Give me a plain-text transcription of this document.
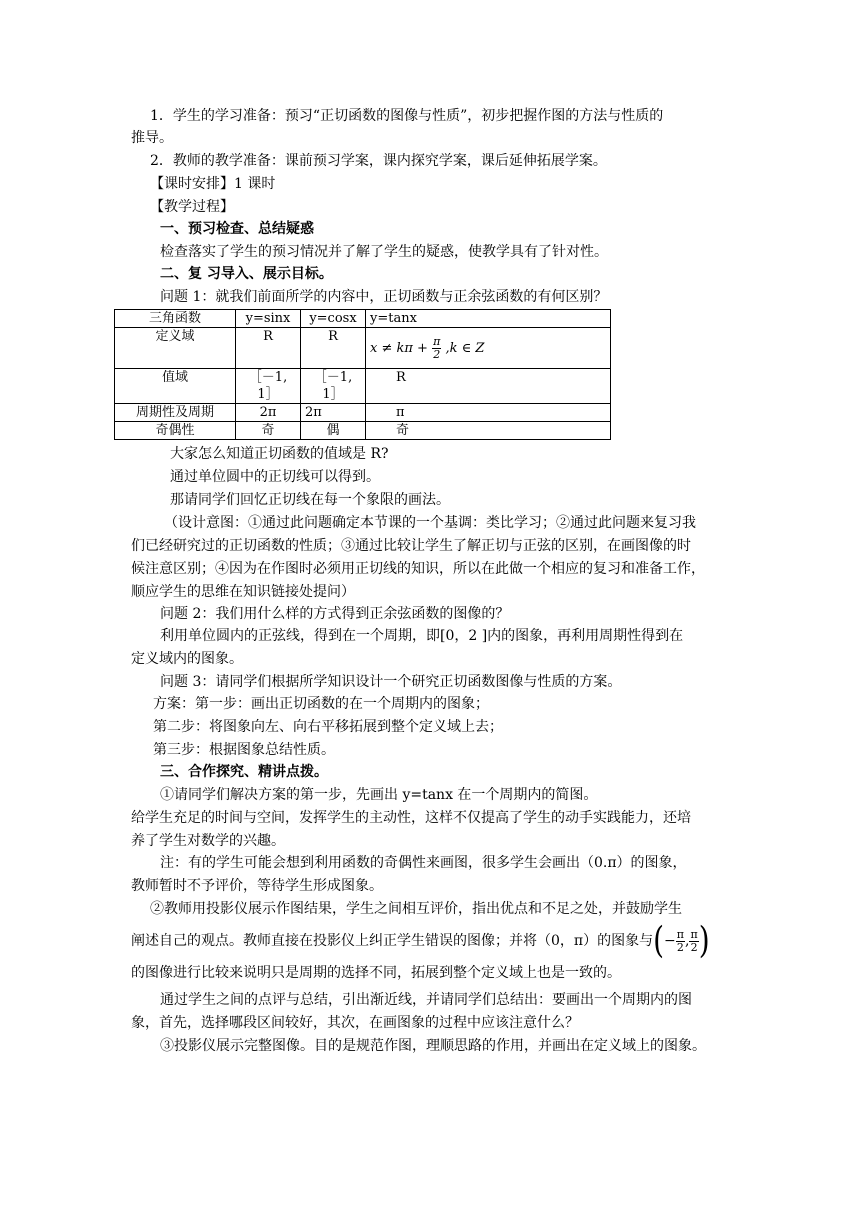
1．学生的学习准备：预习“正切函数的图像与性质”，初步把握作图的方法与性质的
推导。
2．教师的教学准备：课前预习学案，课内探究学案，课后延伸拓展学案。
【课时安排】1 课时
【教学过程】
一、预习检查、总结疑惑
检查落实了学生的预习情况并了解了学生的疑惑，使教学具有了针对性。
二、复 习导入、展示目标。
问题 1：就我们前面所学的内容中，正切函数与正余弦函数的有何区别？
三角函数	y=sinx	y=cosx	y=tanx
定义域	R	R	$x \ne k\pi + \frac{\pi}{2} ,k$ ∈ Z
值域	［－1, 1］	［－1, 1］	R
周期性及周期	2π	2π	π
奇偶性	奇	偶	奇
大家怎么知道正切函数的值域是 R?
通过单位圆中的正切线可以得到。
那请同学们回忆正切线在每一个象限的画法。
（设计意图：①通过此问题确定本节课的一个基调：类比学习；②通过此问题来复习我
们已经研究过的正切函数的性质；③通过比较让学生了解正切与正弦的区别，在画图像的时
候注意区别；④因为在作图时必须用正切线的知识，所以在此做一个相应的复习和准备工作，
顺应学生的思维在知识链接处提问）
问题 2：我们用什么样的方式得到正余弦函数的图像的？
利用单位圆内的正弦线，得到在一个周期，即[0，2 ]内的图象，再利用周期性得到在
定义域内的图象。
问题 3：请同学们根据所学知识设计一个研究正切函数图像与性质的方案。
方案：第一步：画出正切函数的在一个周期内的图象；
第二步：将图象向左、向右平移拓展到整个定义域上去；
第三步：根据图象总结性质。
三、合作探究、精讲点拨。
①请同学们解决方案的第一步，先画出 y=tanx 在一个周期内的简图。
给学生充足的时间与空间，发挥学生的主动性，这样不仅提高了学生的动手实践能力，还培
养了学生对数学的兴趣。
注：有的学生可能会想到利用函数的奇偶性来画图，很多学生会画出（0.π）的图象，
教师暂时不予评价，等待学生形成图象。
②教师用投影仪展示作图结果，学生之间相互评价，指出优点和不足之处，并鼓励学生
阐述自己的观点。教师直接在投影仪上纠正学生错误的图像；并将（0，π）的图象与(− $\frac{\pi}{2}$ , $\frac{\pi}{2}$ )
的图像进行比较来说明只是周期的选择不同，拓展到整个定义域上也是一致的。
通过学生之间的点评与总结，引出渐近线，并请同学们总结出：要画出一个周期内的图
象，首先，选择哪段区间较好，其次，在画图象的过程中应该注意什么？
③投影仪展示完整图像。目的是规范作图，理顺思路的作用，并画出在定义域上的图象。
